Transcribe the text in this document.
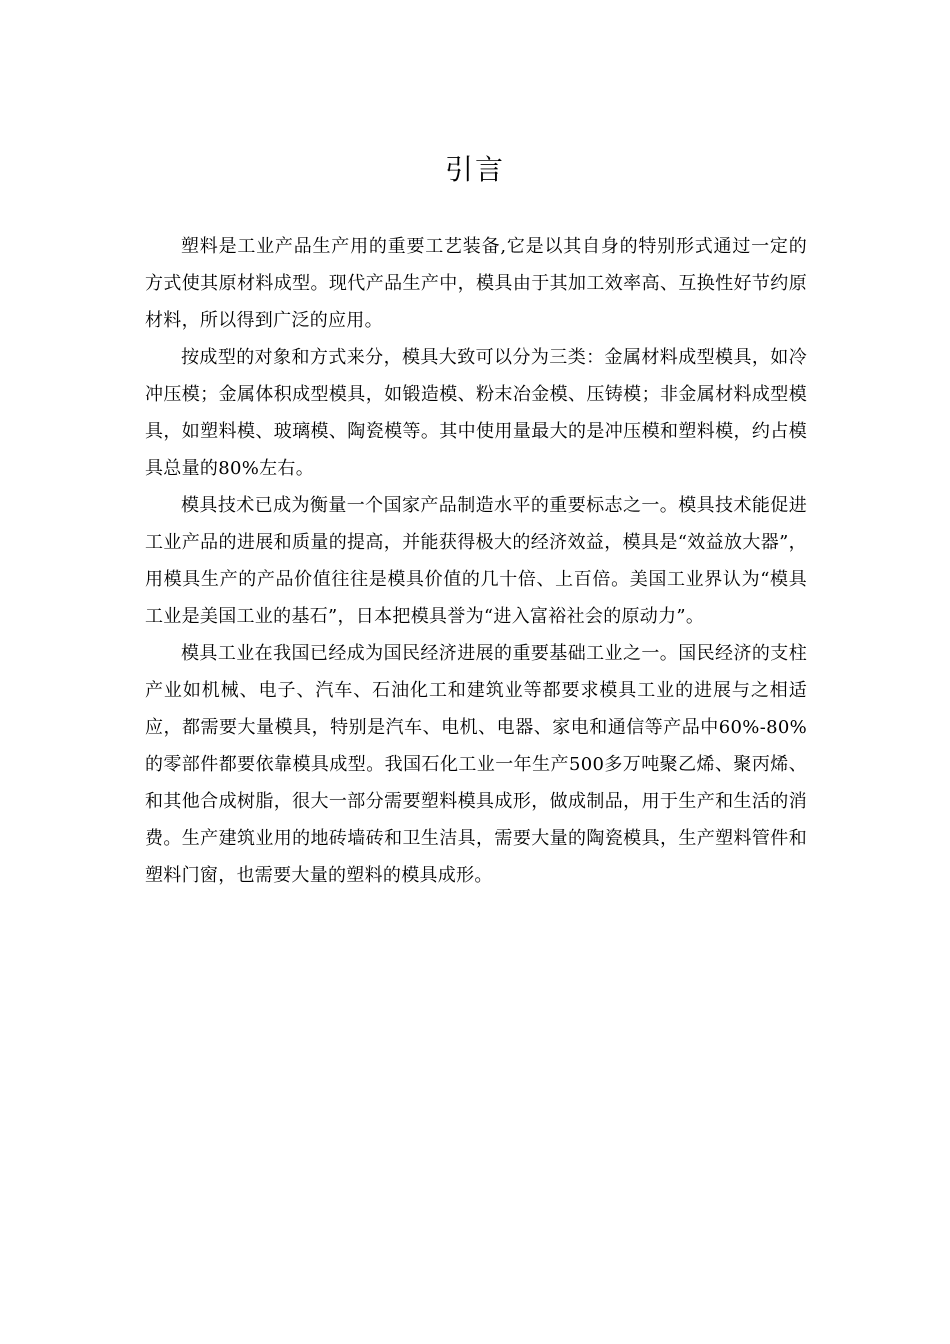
引言

塑料是工业产品生产用的重要工艺装备,它是以其自身的特别形式通过一定的方式使其原材料成型。现代产品生产中，模具由于其加工效率高、互换性好节约原材料，所以得到广泛的应用。

按成型的对象和方式来分，模具大致可以分为三类：金属材料成型模具，如冷冲压模；金属体积成型模具，如锻造模、粉末冶金模、压铸模；非金属材料成型模具，如塑料模、玻璃模、陶瓷模等。其中使用量最大的是冲压模和塑料模，约占模具总量的80%左右。

模具技术已成为衡量一个国家产品制造水平的重要标志之一。模具技术能促进工业产品的进展和质量的提高，并能获得极大的经济效益，模具是“效益放大器”，用模具生产的产品价值往往是模具价值的几十倍、上百倍。美国工业界认为“模具工业是美国工业的基石”，日本把模具誉为“进入富裕社会的原动力”。

模具工业在我国已经成为国民经济进展的重要基础工业之一。国民经济的支柱产业如机械、电子、汽车、石油化工和建筑业等都要求模具工业的进展与之相适应，都需要大量模具，特别是汽车、电机、电器、家电和通信等产品中60%-80%的零部件都要依靠模具成型。我国石化工业一年生产500多万吨聚乙烯、聚丙烯、和其他合成树脂，很大一部分需要塑料模具成形，做成制品，用于生产和生活的消费。生产建筑业用的地砖墙砖和卫生洁具，需要大量的陶瓷模具，生产塑料管件和塑料门窗，也需要大量的塑料的模具成形。
